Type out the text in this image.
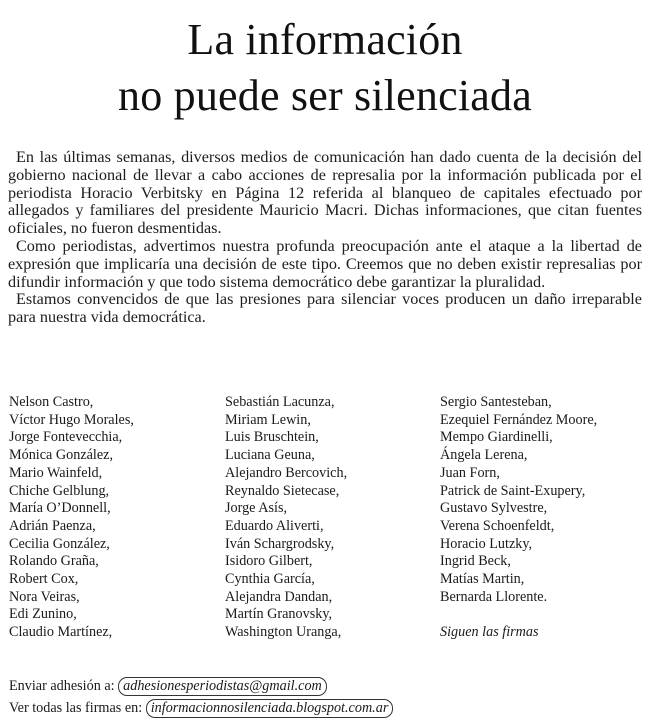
La información
no puede ser silenciada

En las últimas semanas, diversos medios de comunicación han dado cuenta de la decisión del gobierno nacional de llevar a cabo acciones de represalia por la información publicada por el periodista Horacio Verbitsky en Página 12 referida al blanqueo de capitales efectuado por allegados y familiares del presidente Mauricio Macri. Dichas informaciones, que citan fuentes oficiales, no fueron desmentidas.

Como periodistas, advertimos nuestra profunda preocupación ante el ataque a la libertad de expresión que implicaría una decisión de este tipo. Creemos que no deben existir represalias por difundir información y que todo sistema democrático debe garantizar la pluralidad.

Estamos convencidos de que las presiones para silenciar voces producen un daño irreparable para nuestra vida democrática.

Nelson Castro,
Víctor Hugo Morales,
Jorge Fontevecchia,
Mónica González,
Mario Wainfeld,
Chiche Gelblung,
María O’Donnell,
Adrián Paenza,
Cecilia González,
Rolando Graña,
Robert Cox,
Nora Veiras,
Edi Zunino,
Claudio Martínez,
Sebastián Lacunza,
Miriam Lewin,
Luis Bruschtein,
Luciana Geuna,
Alejandro Bercovich,
Reynaldo Sietecase,
Jorge Asís,
Eduardo Aliverti,
Iván Schargrodsky,
Isidoro Gilbert,
Cynthia García,
Alejandra Dandan,
Martín Granovsky,
Washington Uranga,
Sergio Santesteban,
Ezequiel Fernández Moore,
Mempo Giardinelli,
Ángela Lerena,
Juan Forn,
Patrick de Saint-Exupery,
Gustavo Sylvestre,
Verena Schoenfeldt,
Horacio Lutzky,
Ingrid Beck,
Matías Martin,
Bernarda Llorente.

Siguen las firmas
Enviar adhesión a: adhesionesperiodistas@gmail.com
Ver todas las firmas en: informacionnosilenciada.blogspot.com.ar
